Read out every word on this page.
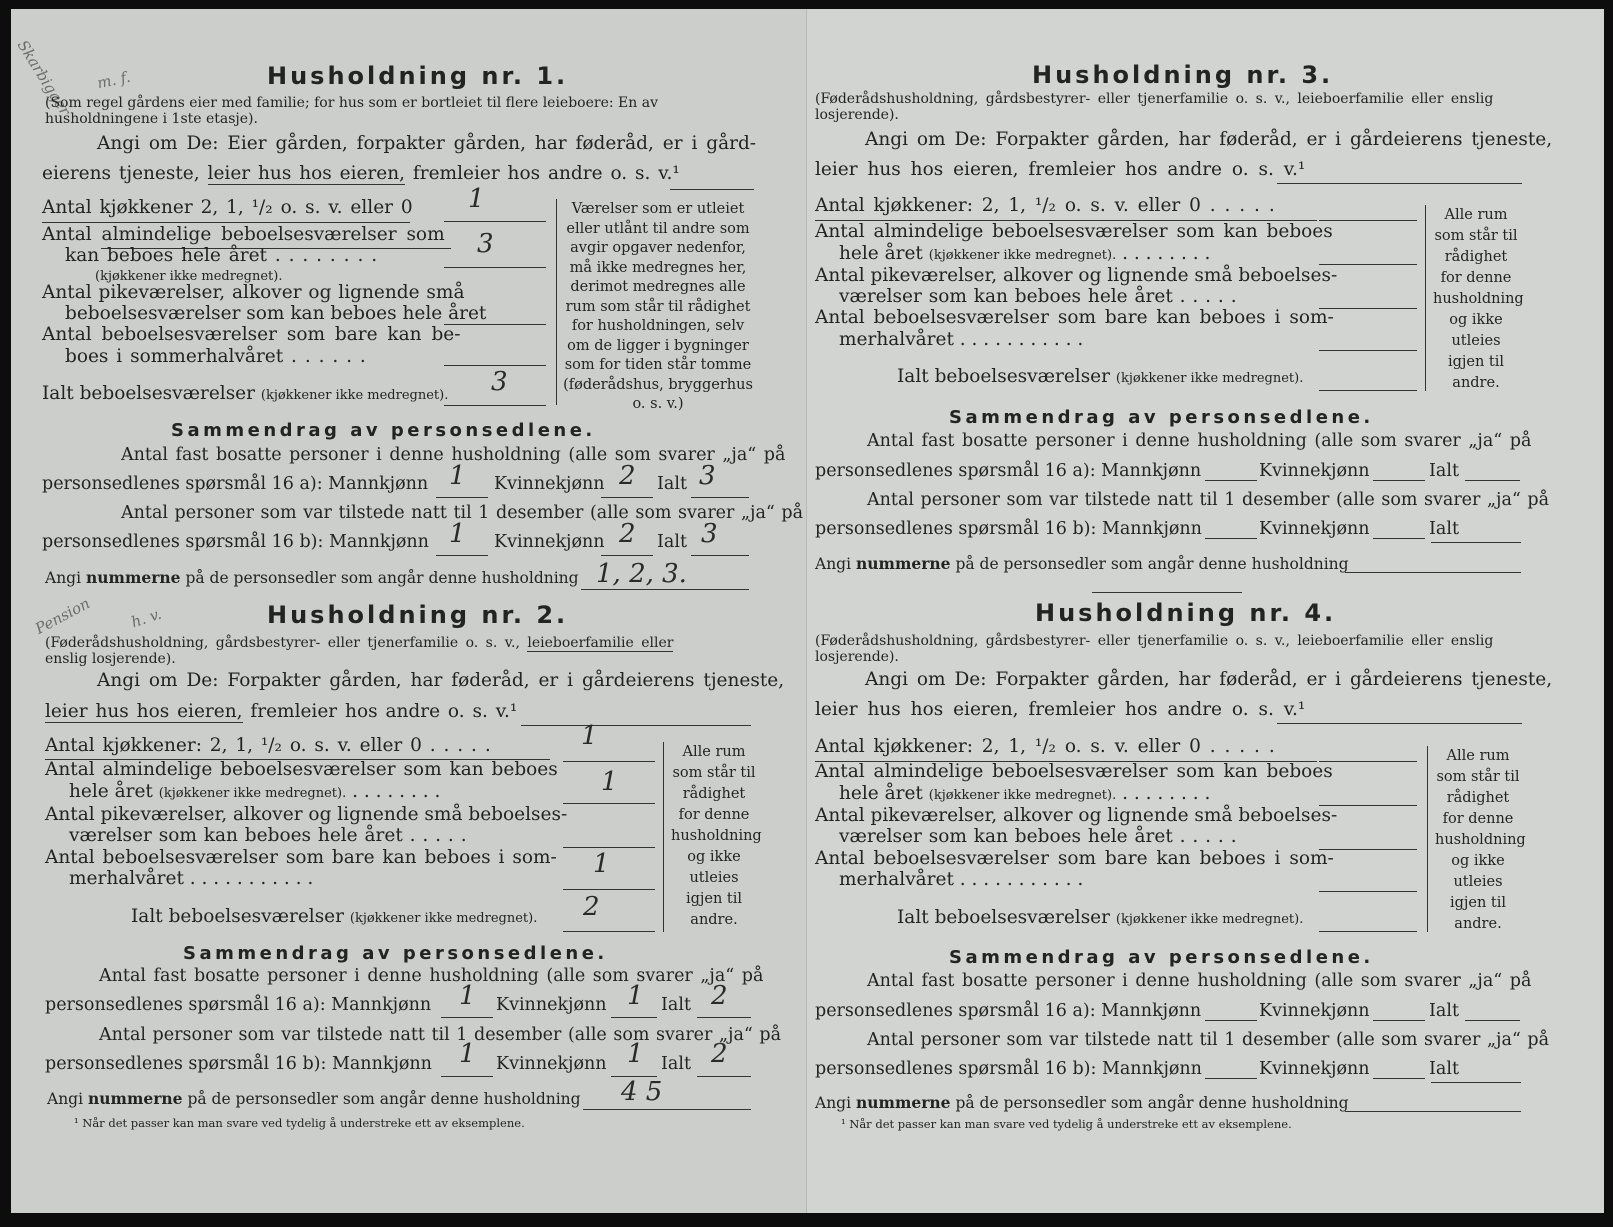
Skarbigger m. f.
Pension h. v.
Husholdning nr. 1.
(Som regel gårdens eier med familie; for hus som er bortleiet til flere leieboere: En av husholdningene i 1ste etasje).
Angi om De: Eier gården, forpakter gården, har føderåd, er i gård-
eierens tjeneste, leier hus hos eieren, fremleier hos andre o. s. v.¹
Antal kjøkkener 2, 1, ¹/₂ o. s. v. eller 0 1
Antal almindelige beboelsesværelser som
kan beboes hele året . . . . . . . .	3
(kjøkkener ikke medregnet).
Antal pikeværelser, alkover og lignende små
beboelsesværelser som kan beboes hele året
Antal beboelsesværelser som bare kan be-
boes i sommerhalvåret . . . . . .
Ialt beboelsesværelser (kjøkkener ikke medregnet). 3
Værelser som er utleiet eller utlånt til andre som avgir opgaver nedenfor, må ikke medregnes her, derimot medregnes alle rum som står til rådighet for husholdningen, selv om de ligger i bygninger som for tiden står tomme (føderådshus, bryggerhus o. s. v.)
Sammendrag av personsedlene.
Antal fast bosatte personer i denne husholdning (alle som svarer „ja“ på
personsedlenes spørsmål 16 a): Mannkjønn 1 Kvinnekjønn 2 Ialt 3
Antal personer som var tilstede natt til 1 desember (alle som svarer „ja“ på
personsedlenes spørsmål 16 b): Mannkjønn 1 Kvinnekjønn 2 Ialt 3
Angi nummerne på de personsedler som angår denne husholdning 1, 2, 3.
Husholdning nr. 2.
(Føderådshusholdning, gårdsbestyrer- eller tjenerfamilie o. s. v., leieboerfamilie eller
enslig losjerende).
Angi om De: Forpakter gården, har føderåd, er i gårdeierens tjeneste,
leier hus hos eieren, fremleier hos andre o. s. v.¹
Antal kjøkkener: 2, 1, ¹/₂ o. s. v. eller 0 . . . . .	1
Antal almindelige beboelsesværelser som kan beboes
hele året (kjøkkener ikke medregnet). . . . . . . . .	1
Antal pikeværelser, alkover og lignende små beboelses-
værelser som kan beboes hele året . . . . .
Antal beboelsesværelser som bare kan beboes i som-
merhalvåret . . . . . . . . . . .	1
Ialt beboelsesværelser (kjøkkener ikke medregnet). 2
Alle rum som står til rådighet for denne husholdning og ikke utleies igjen til andre.
Sammendrag av personsedlene.
Antal fast bosatte personer i denne husholdning (alle som svarer „ja“ på
personsedlenes spørsmål 16 a): Mannkjønn 1 Kvinnekjønn 1 Ialt 2
Antal personer som var tilstede natt til 1 desember (alle som svarer „ja“ på
personsedlenes spørsmål 16 b): Mannkjønn 1 Kvinnekjønn 1 Ialt 2
Angi nummerne på de personsedler som angår denne husholdning 4 5
¹ Når det passer kan man svare ved tydelig å understreke ett av eksemplene.
Husholdning nr. 3.
(Føderådshusholdning, gårdsbestyrer- eller tjenerfamilie o. s. v., leieboerfamilie eller enslig losjerende).
Angi om De: Forpakter gården, har føderåd, er i gårdeierens tjeneste,
leier hus hos eieren, fremleier hos andre o. s. v.¹
Antal kjøkkener: 2, 1, ¹/₂ o. s. v. eller 0 . . . . .
Antal almindelige beboelsesværelser som kan beboes
hele året (kjøkkener ikke medregnet). . . . . . . . .
Antal pikeværelser, alkover og lignende små beboelses-
værelser som kan beboes hele året . . . . .
Antal beboelsesværelser som bare kan beboes i som-
merhalvåret . . . . . . . . . . .
Ialt beboelsesværelser (kjøkkener ikke medregnet).
Alle rum som står til rådighet for denne husholdning og ikke utleies igjen til andre.
Sammendrag av personsedlene.
Antal fast bosatte personer i denne husholdning (alle som svarer „ja“ på
personsedlenes spørsmål 16 a): Mannkjønn	Kvinnekjønn	Ialt
Antal personer som var tilstede natt til 1 desember (alle som svarer „ja“ på
personsedlenes spørsmål 16 b): Mannkjønn	Kvinnekjønn	Ialt
Angi nummerne på de personsedler som angår denne husholdning
Husholdning nr. 4.
(Føderådshusholdning, gårdsbestyrer- eller tjenerfamilie o. s. v., leieboerfamilie eller enslig losjerende).
Angi om De: Forpakter gården, har føderåd, er i gårdeierens tjeneste,
leier hus hos eieren, fremleier hos andre o. s. v.¹
Antal kjøkkener: 2, 1, ¹/₂ o. s. v. eller 0 . . . . .
Antal almindelige beboelsesværelser som kan beboes
hele året (kjøkkener ikke medregnet). . . . . . . . .
Antal pikeværelser, alkover og lignende små beboelses-
værelser som kan beboes hele året . . . . .
Antal beboelsesværelser som bare kan beboes i som-
merhalvåret . . . . . . . . . . .
Ialt beboelsesværelser (kjøkkener ikke medregnet).
Alle rum som står til rådighet for denne husholdning og ikke utleies igjen til andre.
Sammendrag av personsedlene.
Antal fast bosatte personer i denne husholdning (alle som svarer „ja“ på
personsedlenes spørsmål 16 a): Mannkjønn	Kvinnekjønn	Ialt
Antal personer som var tilstede natt til 1 desember (alle som svarer „ja“ på
personsedlenes spørsmål 16 b): Mannkjønn	Kvinnekjønn	Ialt
Angi nummerne på de personsedler som angår denne husholdning
¹ Når det passer kan man svare ved tydelig å understreke ett av eksemplene.
